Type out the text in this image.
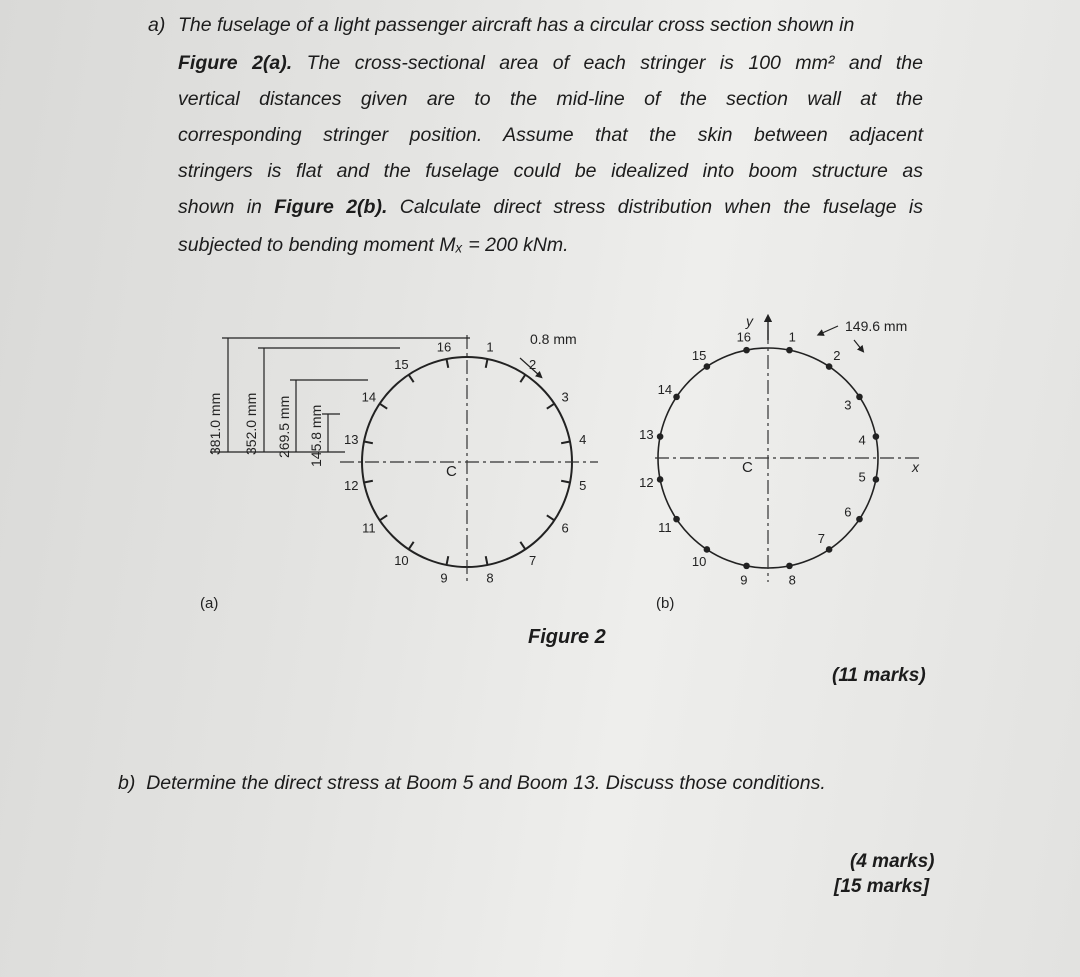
a) The fuselage of a light passenger aircraft has a circular cross section shown in
Figure 2(a). The cross-sectional area of each stringer is 100 mm² and the
vertical distances given are to the mid-line of the section wall at the
corresponding stringer position. Assume that the skin between adjacent
stringers is flat and the fuselage could be idealized into boom structure as
shown in Figure 2(b). Calculate direct stress distribution when the fuselage is
subjected to bending moment Mₓ = 200 kNm.
1
2
3
4
5
6
7
8
9
10
11
12
13
14
15
16
381.0 mm 352.0 mm 269.5 mm 145.8 mm
0.8 mm
C
(a)
y
x
1
2
3
4
5
6
7
8
9
10
11
12
13
14
15
16
C
149.6 mm
(b)
Figure 2
(11 marks)
b) Determine the direct stress at Boom 5 and Boom 13. Discuss those conditions.
(4 marks)
[15 marks]
